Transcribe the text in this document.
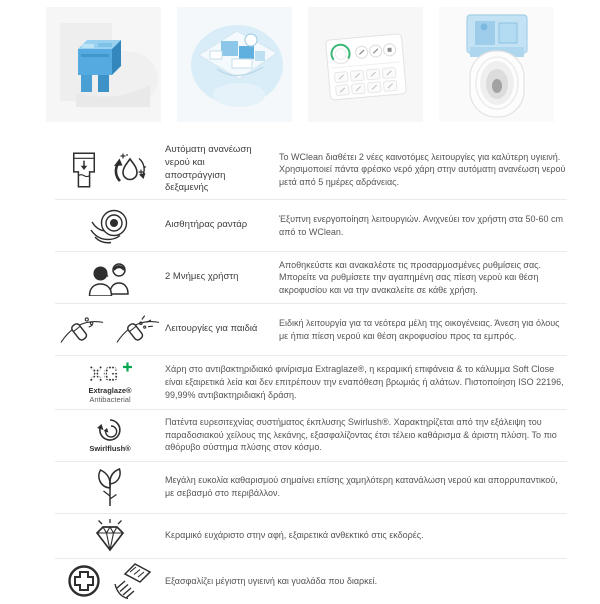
Αυτόματη ανανέωση νερού και αποστράγγιση δεξαμενής
Το WClean διαθέτει 2 νέες καινοτόμες λειτουργίες για καλύτερη υγιεινή. Χρησιμοποιεί πάντα φρέσκο νερό χάρη στην αυτόματη ανανέωση νερού μετά από 5 ημέρες αδράνειας.
Αισθητήρας ραντάρ
Έξυπνη ενεργοποίηση λειτουργιών. Ανιχνεύει τον χρήστη στα 50-60 cm από το WClean.
2 Μνήμες χρήστη
Αποθηκεύστε και ανακαλέστε τις προσαρμοσμένες ρυθμίσεις σας. Μπορείτε να ρυθμίσετε την αγαπημένη σας πίεση νερού και θέση ακροφυσίου και να την ανακαλείτε σε κάθε χρήση.
Λειτουργίες για παιδιά
Ειδική λειτουργία για τα νεότερα μέλη της οικογένειας. Άνεση για όλους με ήπια πίεση νερού και θέση ακροφυσίου προς τα εμπρός.
XG
Extraglaze®
Antibacterial
Χάρη στο αντιβακτηριδιακό φινίρισμα Extraglaze®, η κεραμική επιφάνεια & το κάλυμμα Soft Close είναι εξαιρετικά λεία και δεν επιτρέπουν την εναπόθεση βρωμιάς ή αλάτων. Πιστοποίηση ISO 22196, 99,99% αντιβακτηριδιακή δράση.
Swirlflush®
Πατέντα ευρεσιτεχνίας συστήματος έκπλυσης Swirlush®. Χαρακτηρίζεται από την εξάλειψη του παραδοσιακού χείλους της λεκάνης, εξασφαλίζοντας έτσι τέλειο καθάρισμα & άριστη πλύση. Το πιο αθόρυβο σύστημα πλύσης στον κόσμο.
Μεγάλη ευκολία καθαρισμού σημαίνει επίσης χαμηλότερη κατανάλωση νερού και απορρυπαντικού, με σεβασμό στο περιβάλλον.
Κεραμικό ευχάριστο στην αφή, εξαιρετικά ανθεκτικό στις εκδορές.
Εξασφαλίζει μέγιστη υγιεινή και γυαλάδα που διαρκεί.
